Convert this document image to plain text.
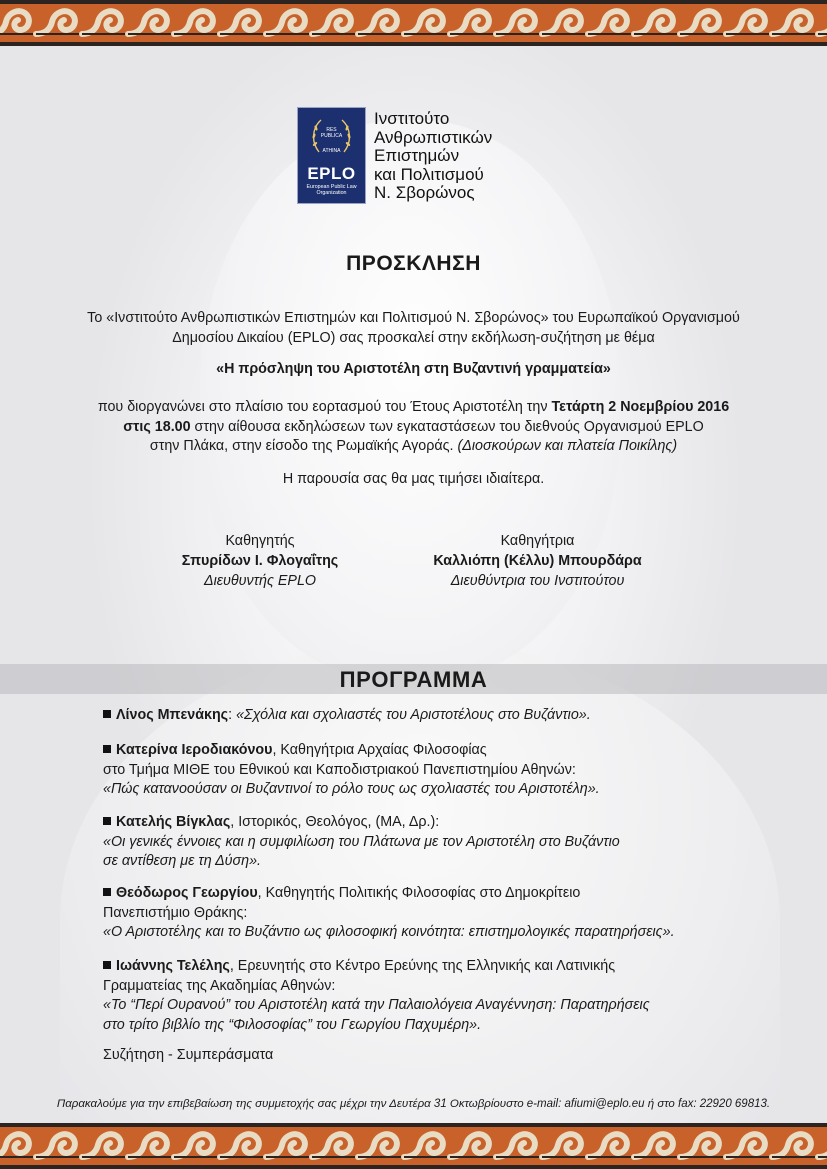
RES
PUBLICA
ATHINA
EPLO
European Public Law
Organization
Ινστιτούτο
Ανθρωπιστικών
Επιστημών
και Πολιτισμού
Ν. Σβορώνος
ΠΡΟΣΚΛΗΣΗ
Το «Ινστιτούτο Ανθρωπιστικών Επιστημών και Πολιτισμού Ν. Σβορώνος» του Ευρωπαϊκού Οργανισμού
Δημοσίου Δικαίου (EPLO) σας προσκαλεί στην εκδήλωση-συζήτηση με θέμα
«Η πρόσληψη του Αριστοτέλη στη Βυζαντινή γραμματεία»
που διοργανώνει στο πλαίσιο του εορτασμού του Έτους Αριστοτέλη την Τετάρτη 2 Νοεμβρίου 2016
στις 18.00 στην αίθουσα εκδηλώσεων των εγκαταστάσεων του διεθνούς Οργανισμού EPLO
στην Πλάκα, στην είσοδο της Ρωμαϊκής Αγοράς. (Διοσκούρων και πλατεία Ποικίλης)
Η παρουσία σας θα μας τιμήσει ιδιαίτερα.
Καθηγητής
Σπυρίδων Ι. Φλογαΐτης
Διευθυντής EPLO
Καθηγήτρια
Καλλιόπη (Κέλλυ) Μπουρδάρα
Διευθύντρια του Ινστιτούτου
ΠΡΟΓΡΑΜΜΑ
Λίνος Μπενάκης: «Σχόλια και σχολιαστές του Αριστοτέλους στο Βυζάντιο».
Κατερίνα Ιεροδιακόνου, Καθηγήτρια Αρχαίας Φιλοσοφίας
στο Τμήμα ΜΙΘΕ του Εθνικού και Καποδιστριακού Πανεπιστημίου Αθηνών:
«Πώς κατανοούσαν οι Βυζαντινοί το ρόλο τους ως σχολιαστές του Αριστοτέλη».
Κατελής Βίγκλας, Ιστορικός, Θεολόγος, (ΜΑ, Δρ.):
«Οι γενικές έννοιες και η συμφιλίωση του Πλάτωνα με τον Αριστοτέλη στο Βυζάντιο
σε αντίθεση με τη Δύση».
Θεόδωρος Γεωργίου, Καθηγητής Πολιτικής Φιλοσοφίας στο Δημοκρίτειο
Πανεπιστήμιο Θράκης:
«Ο Αριστοτέλης και το Βυζάντιο ως φιλοσοφική κοινότητα: επιστημολογικές παρατηρήσεις».
Ιωάννης Τελέλης, Ερευνητής στο Κέντρο Ερεύνης της Ελληνικής και Λατινικής
Γραμματείας της Ακαδημίας Αθηνών:
«Το “Περί Ουρανού” του Αριστοτέλη κατά την Παλαιολόγεια Αναγέννηση: Παρατηρήσεις
στο τρίτο βιβλίο της “Φιλοσοφίας” του Γεωργίου Παχυμέρη».
Συζήτηση - Συμπεράσματα
Παρακαλούμε για την επιβεβαίωση της συμμετοχής σας μέχρι την Δευτέρα 31 Οκτωβρίουστο e-mail: afiumi@eplo.eu ή στο fax: 22920 69813.
